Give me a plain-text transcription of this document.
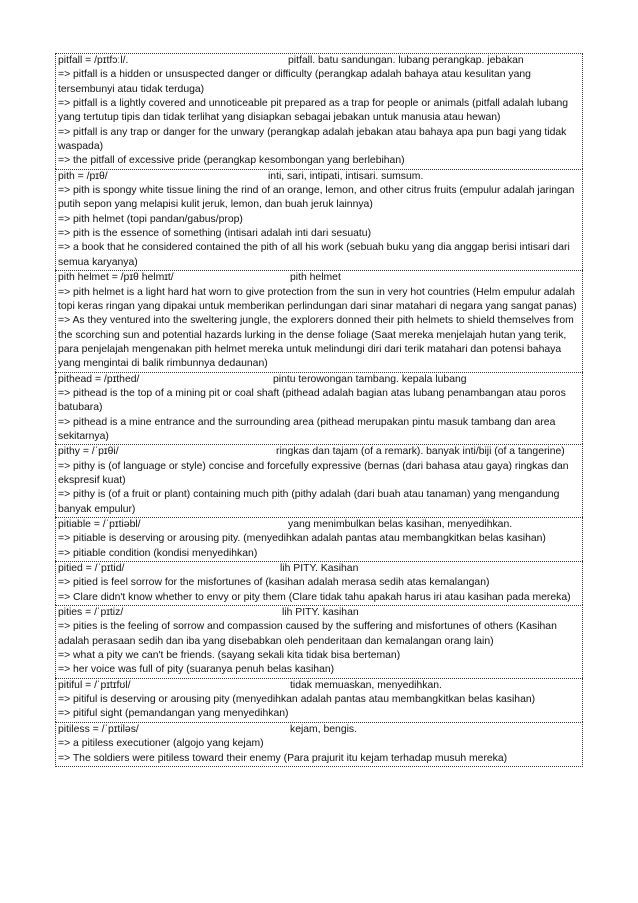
pitfall = /pɪtfɔːl/.	pitfall. batu sandungan. lubang perangkap. jebakan
=> pitfall is a hidden or unsuspected danger or difficulty (perangkap adalah bahaya atau kesulitan yang tersembunyi atau tidak terduga)
=> pitfall is a lightly covered and unnoticeable pit prepared as a trap for people or animals (pitfall adalah lubang yang tertutup tipis dan tidak terlihat yang disiapkan sebagai jebakan untuk manusia atau hewan)
=> pitfall is any trap or danger for the unwary (perangkap adalah jebakan atau bahaya apa pun bagi yang tidak waspada)
=> the pitfall of excessive pride (perangkap kesombongan yang berlebihan)
pith = /pɪθ/	inti, sari, intipati, intisari. sumsum.
=> pith is spongy white tissue lining the rind of an orange, lemon, and other citrus fruits (empulur adalah jaringan putih sepon yang melapisi kulit jeruk, lemon, dan buah jeruk lainnya)
=> pith helmet (topi pandan/gabus/prop)
=> pith is the essence of something (intisari adalah inti dari sesuatu)
=> a book that he considered contained the pith of all his work (sebuah buku yang dia anggap berisi intisari dari semua karyanya)
pith helmet = /pɪθ helmɪt/	pith helmet
=> pith helmet is a light hard hat worn to give protection from the sun in very hot countries (Helm empulur adalah topi keras ringan yang dipakai untuk memberikan perlindungan dari sinar matahari di negara yang sangat panas)
=> As they ventured into the sweltering jungle, the explorers donned their pith helmets to shield themselves from the scorching sun and potential hazards lurking in the dense foliage (Saat mereka menjelajah hutan yang terik, para penjelajah mengenakan pith helmet mereka untuk melindungi diri dari terik matahari dan potensi bahaya yang mengintai di balik rimbunnya dedaunan)
pithead = /pɪthed/	pintu terowongan tambang. kepala lubang
=> pithead is the top of a mining pit or coal shaft (pithead adalah bagian atas lubang penambangan atau poros batubara)
=> pithead is a mine entrance and the surrounding area (pithead merupakan pintu masuk tambang dan area sekitarnya)
pithy = /ˈpɪθi/	ringkas dan tajam (of a remark). banyak inti/biji (of a tangerine)
=> pithy is (of language or style) concise and forcefully expressive (bernas (dari bahasa atau gaya) ringkas dan ekspresif kuat)
=> pithy is (of a fruit or plant) containing much pith (pithy adalah (dari buah atau tanaman) yang mengandung banyak empulur)
pitiable = /ˈpɪtiəbl/	yang menimbulkan belas kasihan, menyedihkan.
=> pitiable is deserving or arousing pity. (menyedihkan adalah pantas atau membangkitkan belas kasihan)
=> pitiable condition (kondisi menyedihkan)
pitied = /ˈpɪtid/	lih PITY. Kasihan
=> pitied is feel sorrow for the misfortunes of (kasihan adalah merasa sedih atas kemalangan)
=> Clare didn't know whether to envy or pity them (Clare tidak tahu apakah harus iri atau kasihan pada mereka)
pities = /ˈpɪtiz/	lih PITY. kasihan
=> pities is the feeling of sorrow and compassion caused by the suffering and misfortunes of others (Kasihan adalah perasaan sedih dan iba yang disebabkan oleh penderitaan dan kemalangan orang lain)
=> what a pity we can't be friends. (sayang sekali kita tidak bisa berteman)
=> her voice was full of pity (suaranya penuh belas kasihan)
pitiful = /ˈpɪtɪfʊl/	tidak memuaskan, menyedihkan.
=> pitiful is deserving or arousing pity (menyedihkan adalah pantas atau membangkitkan belas kasihan)
=> pitiful sight (pemandangan yang menyedihkan)
pitiless = /ˈpɪtiləs/	kejam, bengis.
=> a pitiless executioner (algojo yang kejam)
=> The soldiers were pitiless toward their enemy (Para prajurit itu kejam terhadap musuh mereka)
